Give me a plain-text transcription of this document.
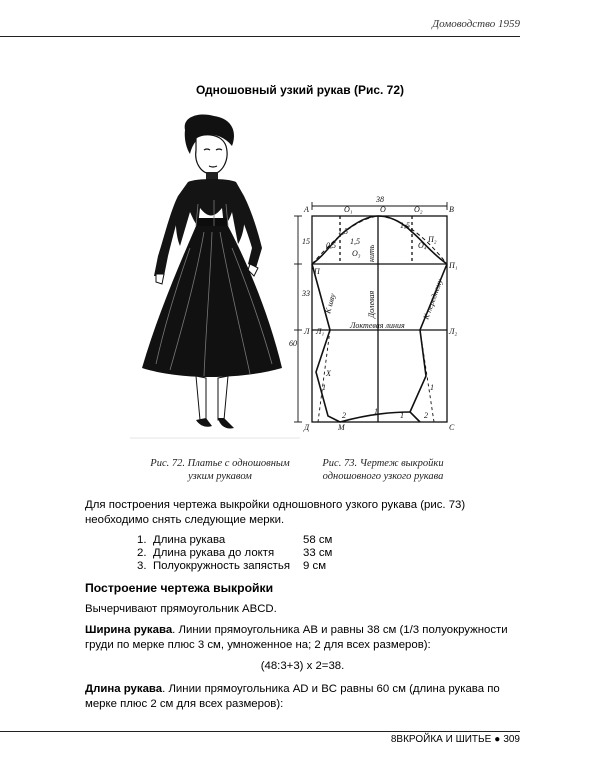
Домоводство 1959
Одношовный узкий рукав (Рис. 72)
38
A	O₁	O	O₂	B
15
33
60
1,5
0,5 1,5
1,5
O₃
O₄
П
П₁
П₂
нить
Долевая
К шву	К переднему
Локтевая линия
Л Л₁	Л₂
X
1
1
1
1
2	2
Д	М	С
Рис. 72. Платье с одношовным
узким рукавом
Рис. 73. Чертеж выкройки
одношовного узкого рукава

Для построения чертежа выкройки одношовного узкого рукава (рис. 73) необходимо снять следующие мерки.

1. Длина рукава	58 см
2. Длина рукава до локтя	33 см
3. Полуокружность запястья	9 см

Построение чертежа выкройки

Вычерчивают прямоугольник ABCD.

Ширина рукава. Линии прямоугольника AB и равны 38 см (1/3 полуокружности груди по мерке плюс 3 см, умноженное на; 2 для всех размеров):

(48:3+3) х 2=38.

Длина рукава. Линии прямоугольника AD и BC равны 60 см (длина рукава по мерке плюс 2 см для всех размеров):

8ВКРОЙКА И ШИТЬЕ ● 309
